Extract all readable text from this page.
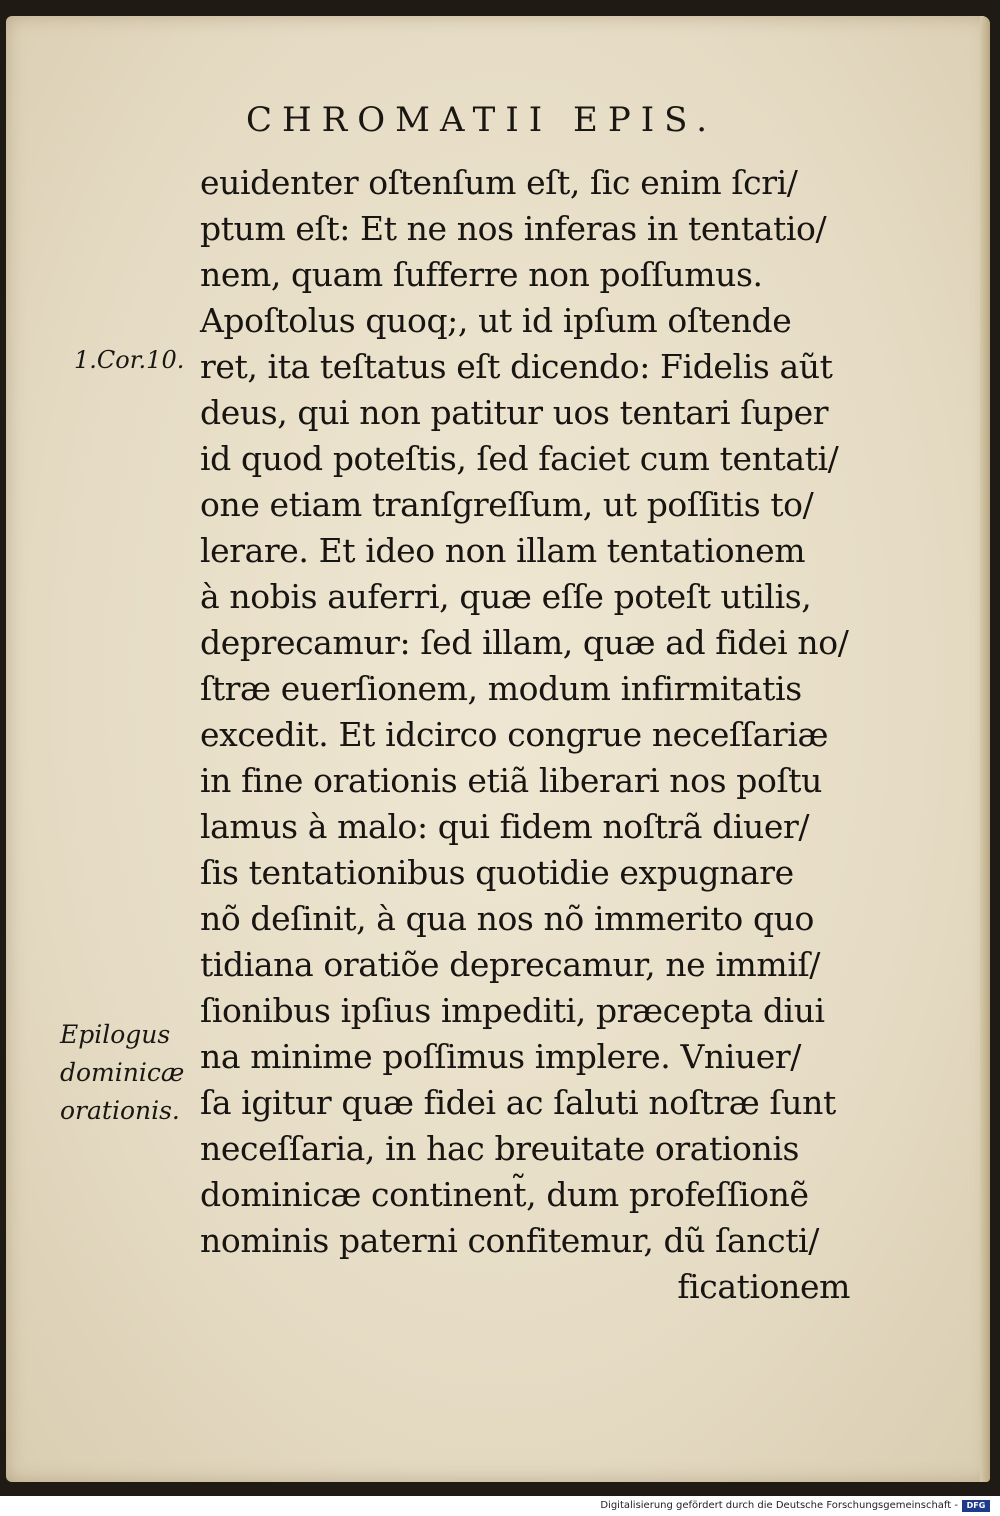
CHROMATII EPIS.
1.Cor.10.
Epilogus
dominicæ
orationis.
euidenter oſtenſum eſt, ſic enim ſcri/
ptum eſt: Et ne nos inferas in tentatio/
nem, quam ſufferre non poſſumus.
Apoſtolus quoq;, ut id ipſum oſtende
ret, ita teſtatus eſt dicendo: Fidelis aũt
deus, qui non patitur uos tentari ſuper
id quod poteſtis, ſed faciet cum tentati/
one etiam tranſgreſſum, ut poſſitis to/
lerare. Et ideo non illam tentationem
à nobis auferri, quæ eſſe poteſt utilis,
deprecamur: ſed illam, quæ ad fidei no/
ſtræ euerſionem, modum infirmitatis
excedit. Et idcirco congrue neceſſariæ
in fine orationis etiã liberari nos poſtu
lamus à malo: qui fidem noſtrã diuer/
ſis tentationibus quotidie expugnare
nõ deſinit, à qua nos nõ immerito quo
tidiana oratiõe deprecamur, ne immiſ/
ſionibus ipſius impediti, præcepta diui
na minime poſſimus implere. Vniuer/
ſa igitur quæ fidei ac ſaluti noſtræ ſunt
neceſſaria, in hac breuitate orationis
dominicæ continent̃, dum profeſſionẽ
nominis paterni confitemur, dũ ſancti/
ficationem
Digitalisierung gefördert durch die Deutsche Forschungsgemeinschaft -	DFG
